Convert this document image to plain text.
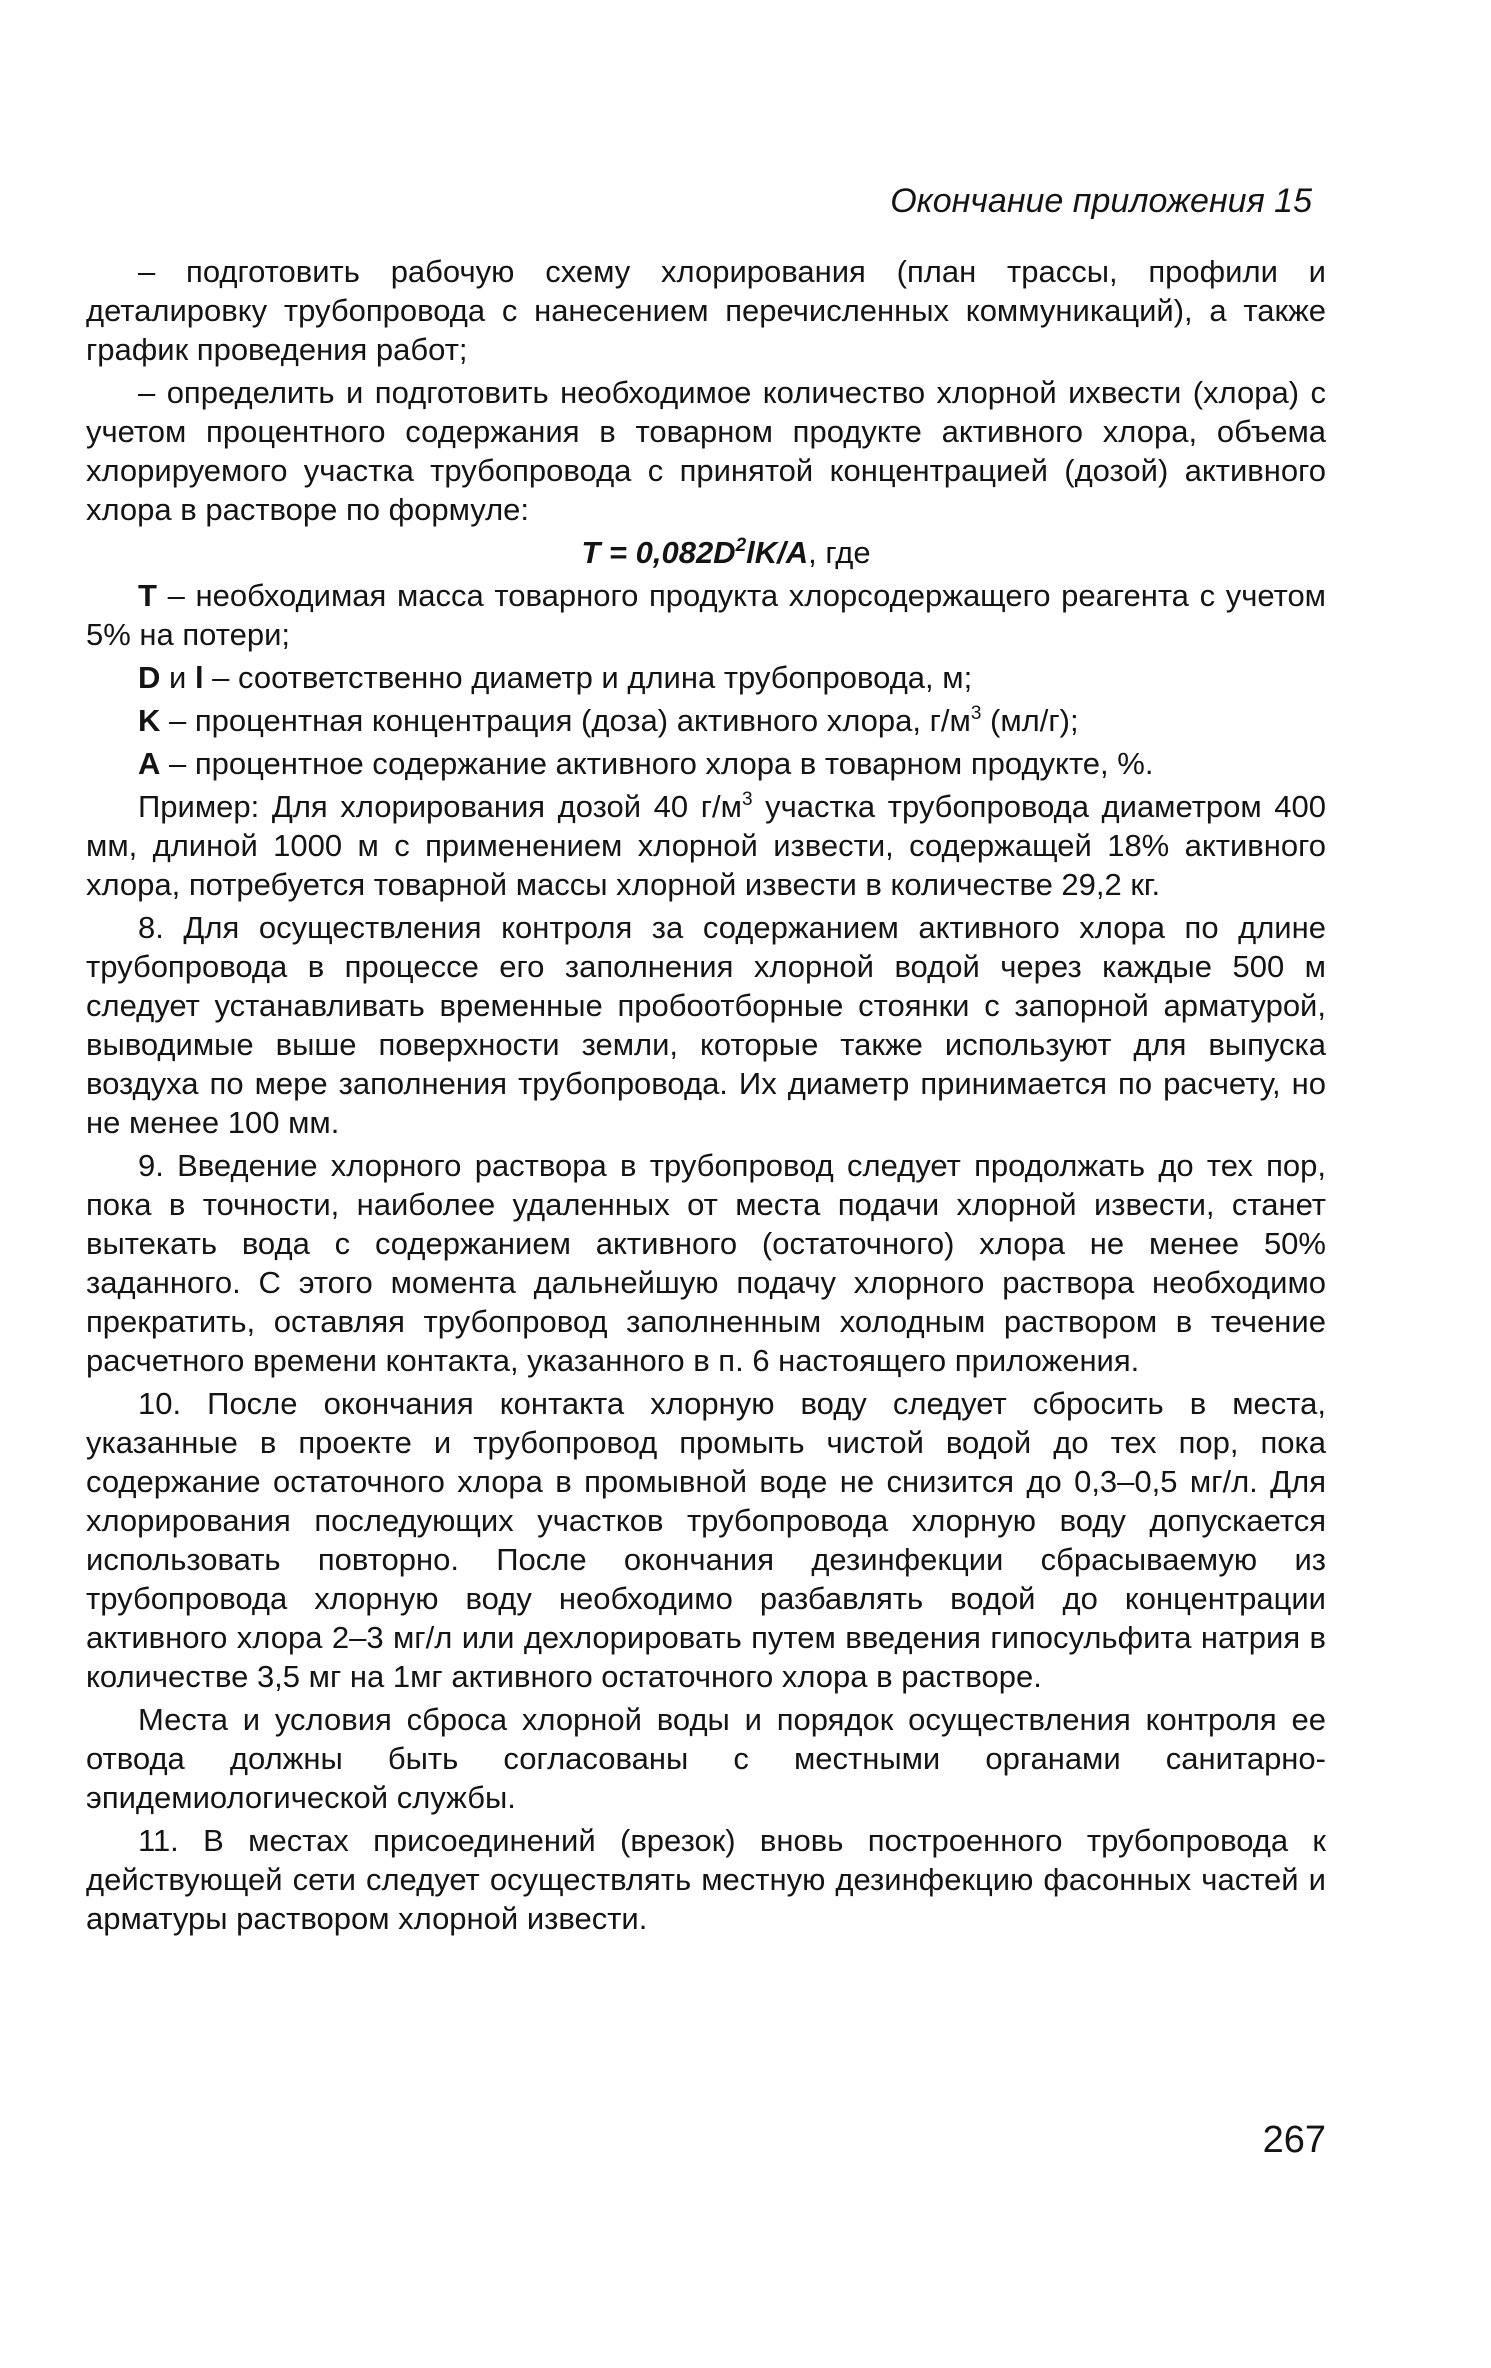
Окончание приложения 15

– подготовить рабочую схему хлорирования (план трассы, профили и деталировку трубопровода с нанесением перечисленных коммуникаций), а также график проведения работ;

– определить и подготовить необходимое количество хлорной ихвести (хлора) с учетом процентного содержания в товарном продукте активного хлора, объема хлорируемого участка трубопровода с принятой концентрацией (дозой) активного хлора в растворе по формуле:

$T = 0,082D^2lK/A$, где

T – необходимая масса товарного продукта хлорсодержащего реагента с учетом 5% на потери;

D и l – соответственно диаметр и длина трубопровода, м;

K – процентная концентрация (доза) активного хлора, $г/м^3$ (мл/г);

A – процентное содержание активного хлора в товарном продукте, %.

Пример: Для хлорирования дозой 40 $г/м^3$ участка трубопровода диаметром 400 мм, длиной 1000 м с применением хлорной извести, содержащей 18% активного хлора, потребуется товарной массы хлорной извести в количестве 29,2 кг.

8. Для осуществления контроля за содержанием активного хлора по длине трубопровода в процессе его заполнения хлорной водой через каждые 500 м следует устанавливать временные пробоотборные стоянки с запорной арматурой, выводимые выше поверхности земли, которые также используют для выпуска воздуха по мере заполнения трубопровода. Их диаметр принимается по расчету, но не менее 100 мм.

9. Введение хлорного раствора в трубопровод следует продолжать до тех пор, пока в точности, наиболее удаленных от места подачи хлорной извести, станет вытекать вода с содержанием активного (остаточного) хлора не менее 50% заданного. С этого момента дальнейшую подачу хлорного раствора необходимо прекратить, оставляя трубопровод заполненным холодным раствором в течение расчетного времени контакта, указанного в п. 6 настоящего приложения.

10. После окончания контакта хлорную воду следует сбросить в места, указанные в проекте и трубопровод промыть чистой водой до тех пор, пока содержание остаточного хлора в промывной воде не снизится до 0,3–0,5 мг/л. Для хлорирования последующих участков трубопровода хлорную воду допускается использовать повторно. После окончания дезинфекции сбрасываемую из трубопровода хлорную воду необходимо разбавлять водой до концентрации активного хлора 2–3 мг/л или дехлорировать путем введения гипосульфита натрия в количестве 3,5 мг на 1мг активного остаточного хлора в растворе.

Места и условия сброса хлорной воды и порядок осуществления контроля ее отвода должны быть согласованы с местными органами санитарно-эпидемиологической службы.

11. В местах присоединений (врезок) вновь построенного трубопровода к действующей сети следует осуществлять местную дезинфекцию фасонных частей и арматуры раствором хлорной извести.

267
